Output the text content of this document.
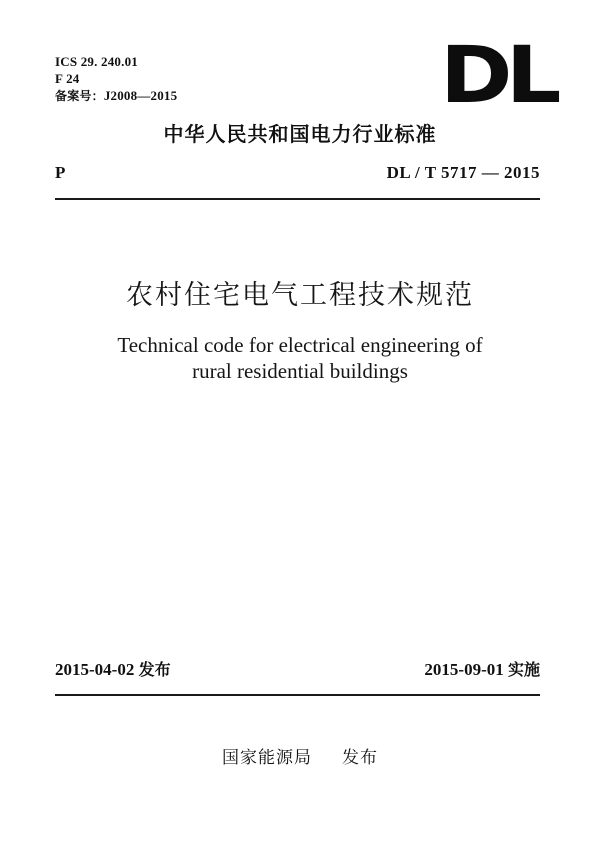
ICS 29. 240.01
F 24
备案号：J2008—2015	DL
中华人民共和国电力行业标准
P	DL / T 5717 — 2015
农村住宅电气工程技术规范
Technical code for electrical engineering of
rural residential buildings
2015-04-02 发布	2015-09-01 实施
国家能源局 发布
